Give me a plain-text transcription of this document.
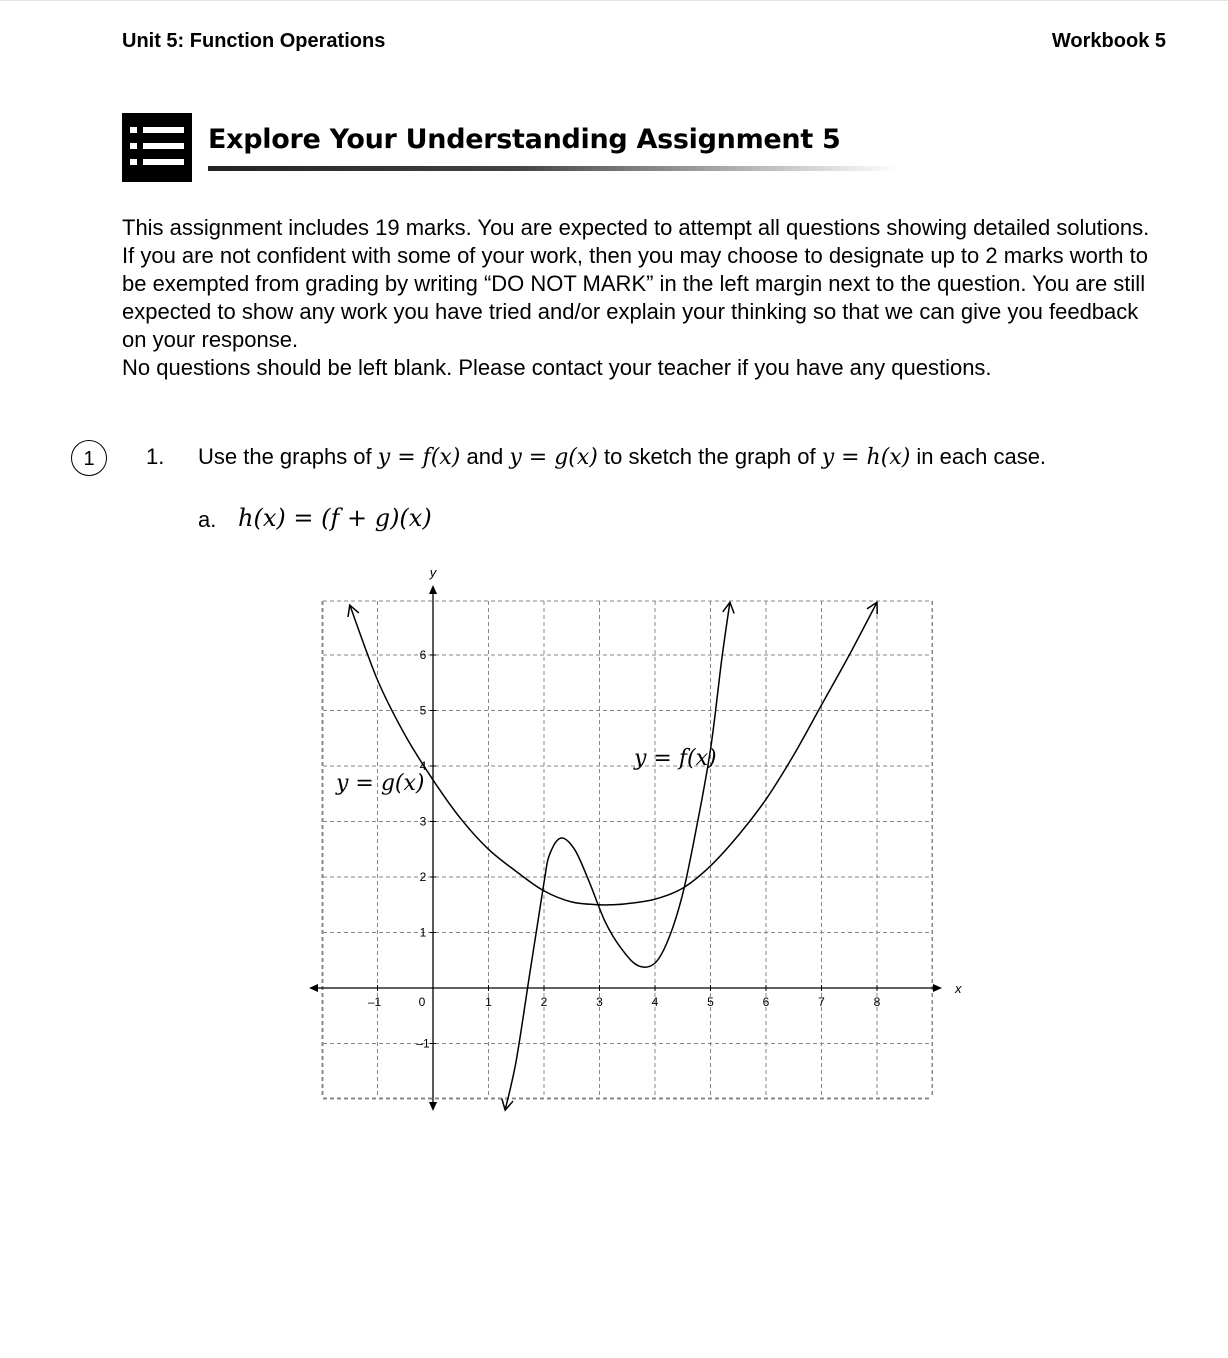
Unit 5: Function Operations	Workbook 5
Explore Your Understanding Assignment 5

This assignment includes 19 marks. You are expected to attempt all questions showing detailed solutions. If you are not confident with some of your work, then you may choose to designate up to 2 marks worth to be exempted from grading by writing “DO NOT MARK” in the left margin next to the question. You are still expected to show any work you have tried and/or explain your thinking so that we can give you feedback on your response.

No questions should be left blank. Please contact your teacher if you have any questions.

1	1. Use the graphs of y = f(x) and y = g(x) to sketch the graph of y = h(x) in each case.
a. h(x) = (f + g)(x)
x
y
–1	0	1	2	3	4	5	6	7	8
–1
1
2
3
4
5
6
y = f(x)
y = g(x)
